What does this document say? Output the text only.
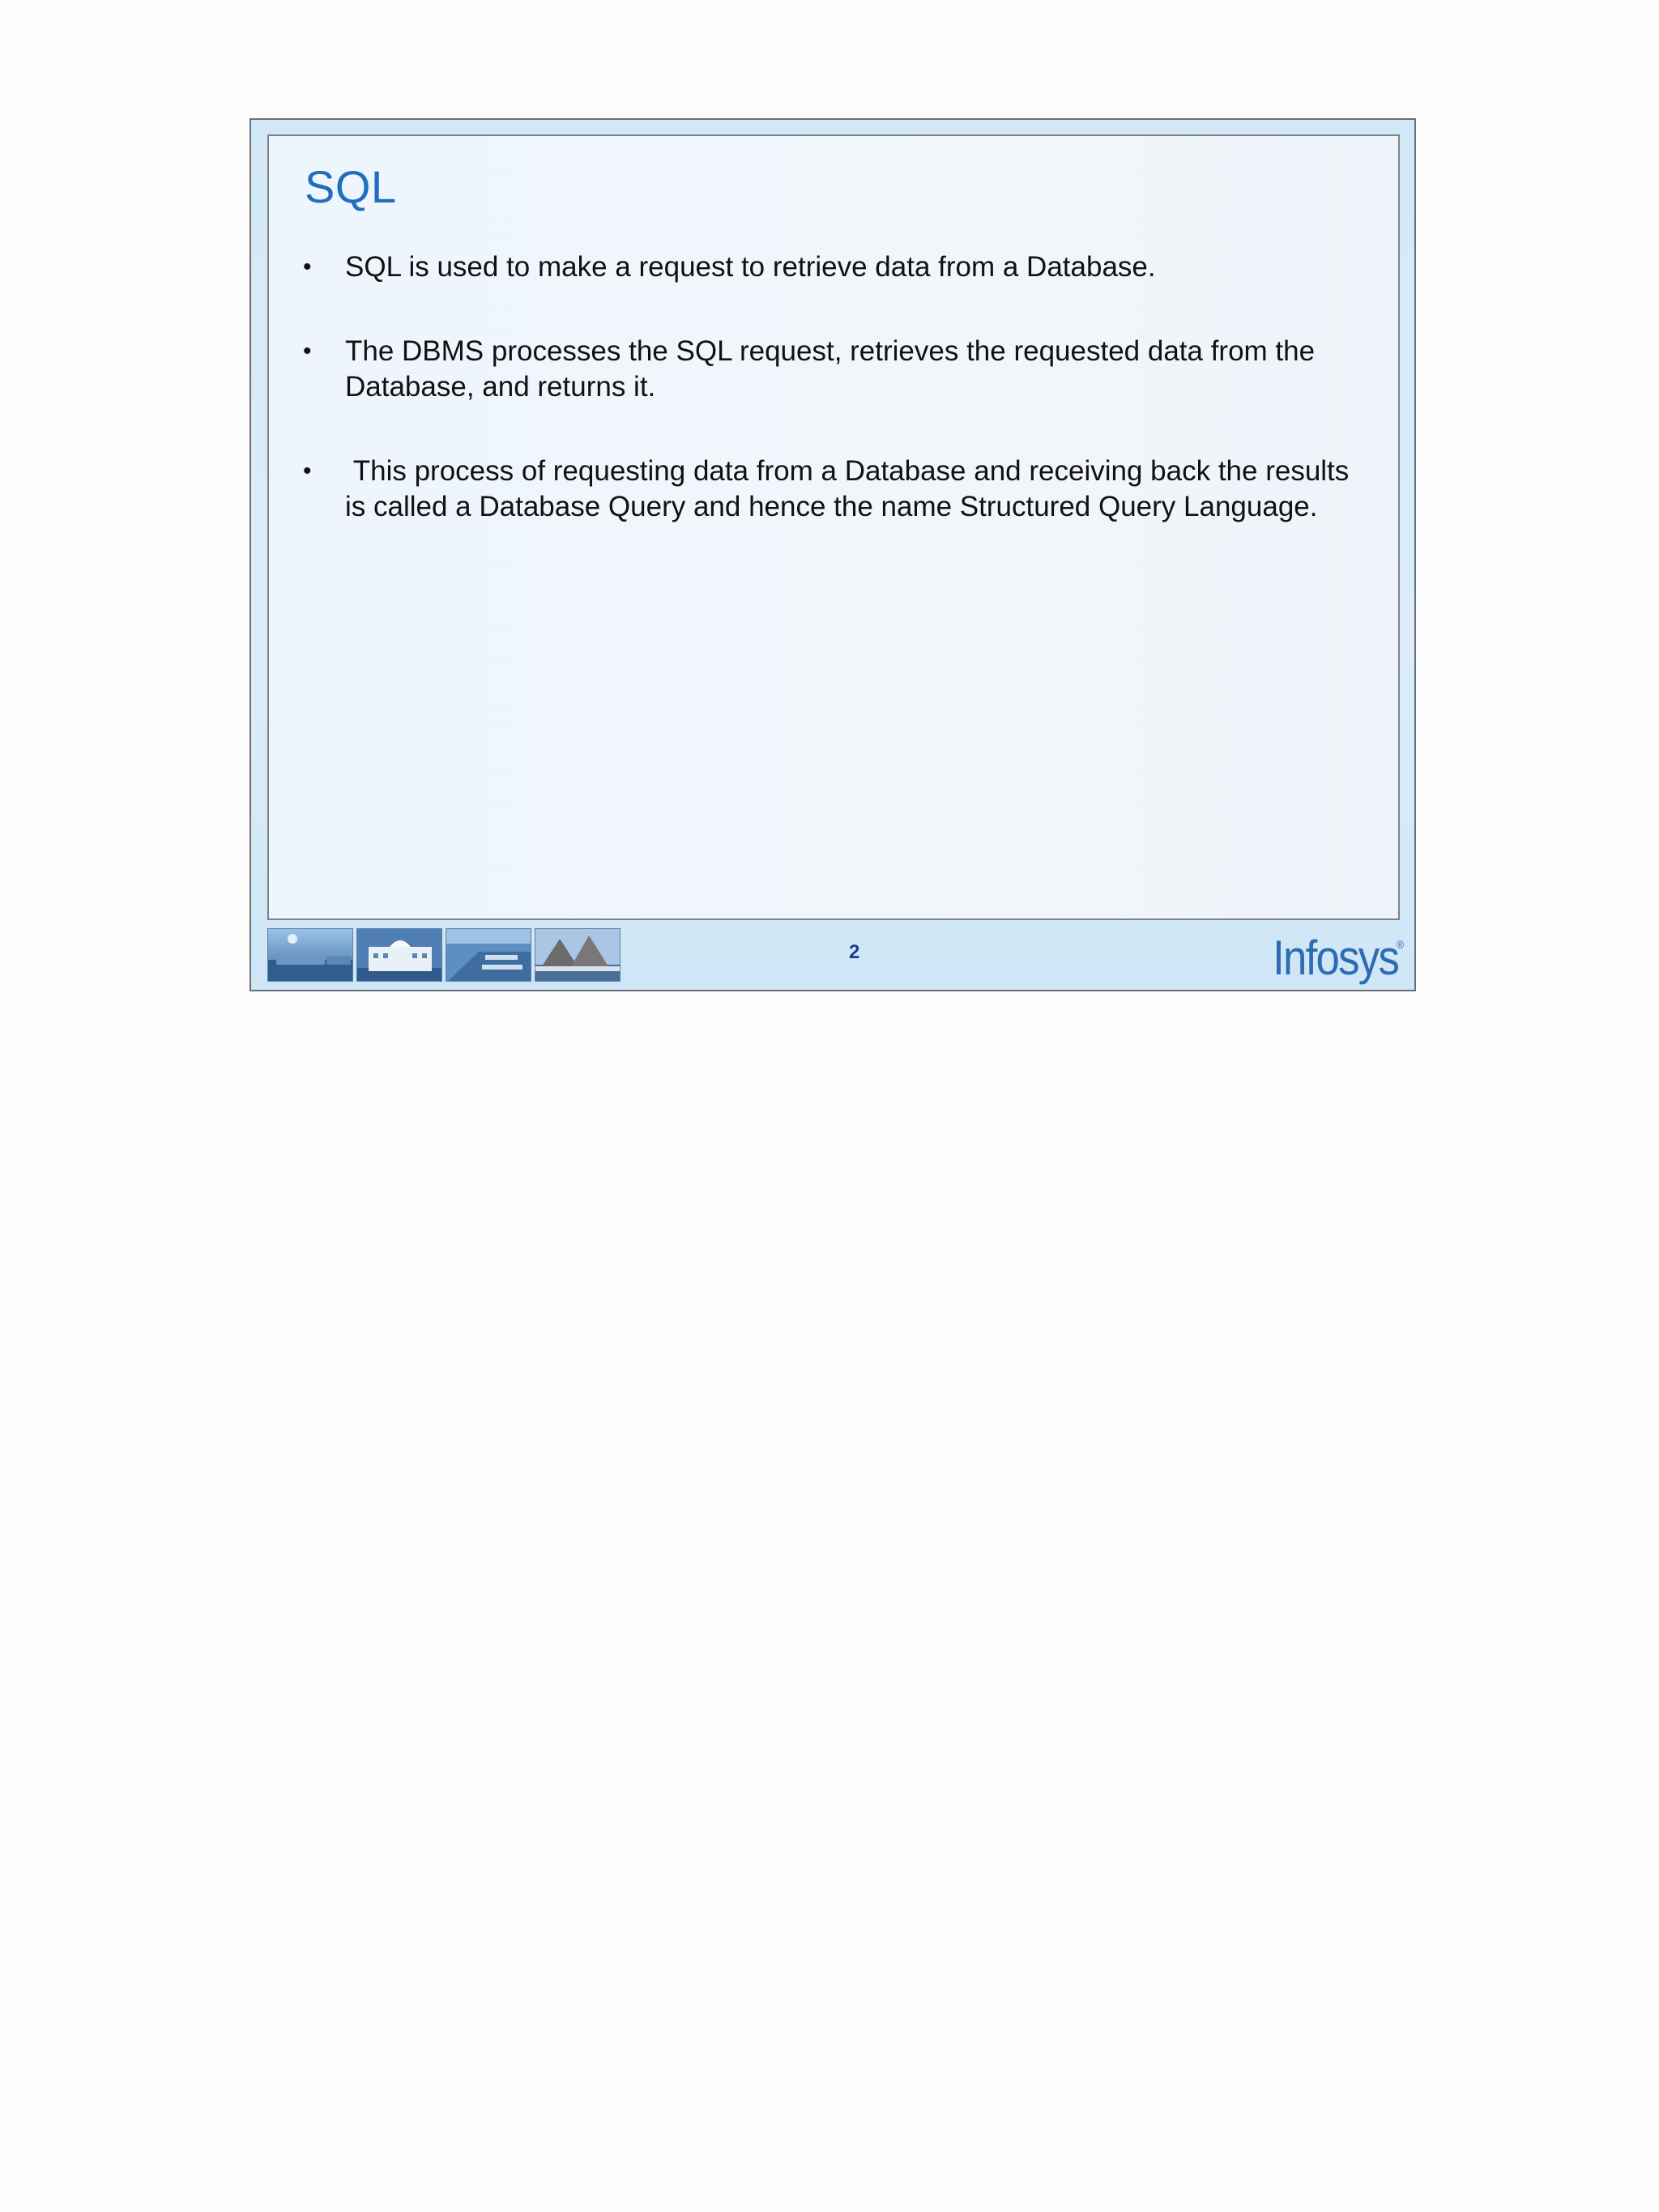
SQL
• SQL is used to make a request to retrieve data from a Database.
• The DBMS processes the SQL request, retrieves the requested data from the Database, and returns it.
• This process of requesting data from a Database and receiving back the results is called a Database Query and hence the name Structured Query Language.
2	Infosys
®
